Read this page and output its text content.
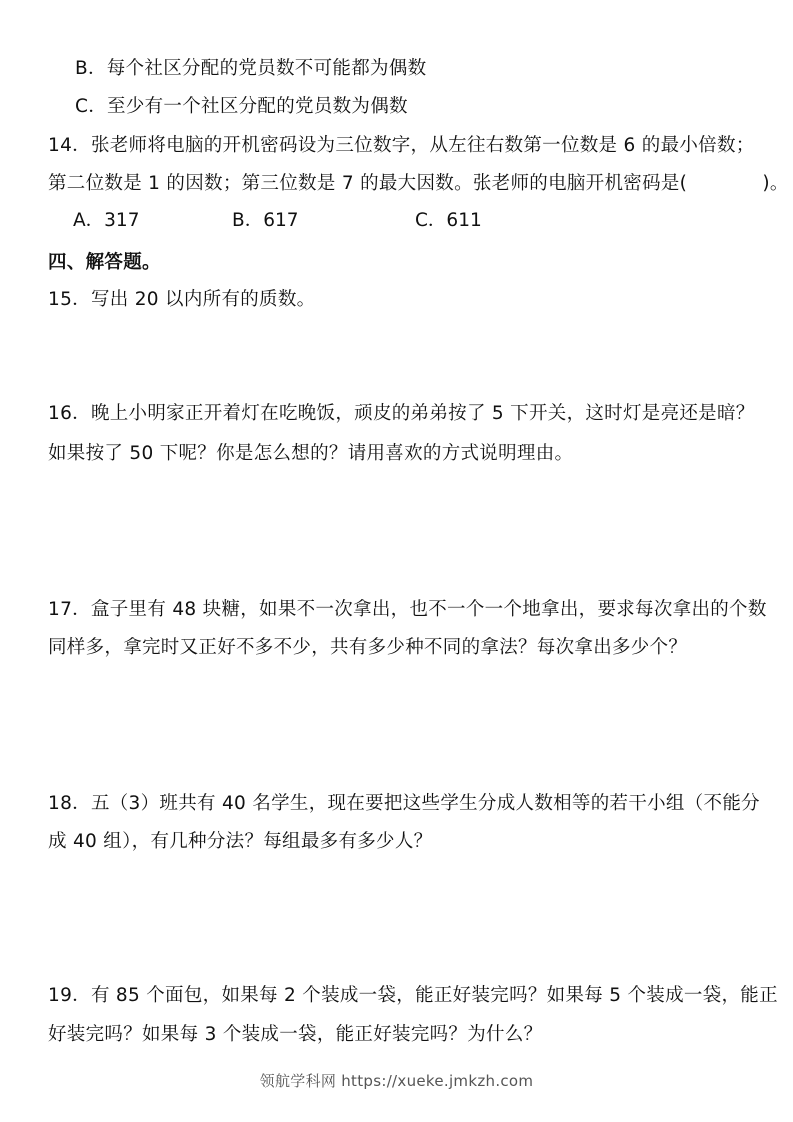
B．每个社区分配的党员数不可能都为偶数
C．至少有一个社区分配的党员数为偶数
14．张老师将电脑的开机密码设为三位数字，从左往右数第一位数是 6 的最小倍数；
第二位数是 1 的因数；第三位数是 7 的最大因数。张老师的电脑开机密码是(　　　　)。
A．317	B．617	C．611
四、解答题。
15．写出 20 以内所有的质数。
16．晚上小明家正开着灯在吃晚饭，顽皮的弟弟按了 5 下开关，这时灯是亮还是暗？
如果按了 50 下呢？你是怎么想的？请用喜欢的方式说明理由。
17．盒子里有 48 块糖，如果不一次拿出，也不一个一个地拿出，要求每次拿出的个数
同样多，拿完时又正好不多不少，共有多少种不同的拿法？每次拿出多少个？
18．五（3）班共有 40 名学生，现在要把这些学生分成人数相等的若干小组（不能分
成 40 组），有几种分法？每组最多有多少人？
19．有 85 个面包，如果每 2 个装成一袋，能正好装完吗？如果每 5 个装成一袋，能正
好装完吗？如果每 3 个装成一袋，能正好装完吗？为什么？
领航学科网 https://xueke.jmkzh.com
